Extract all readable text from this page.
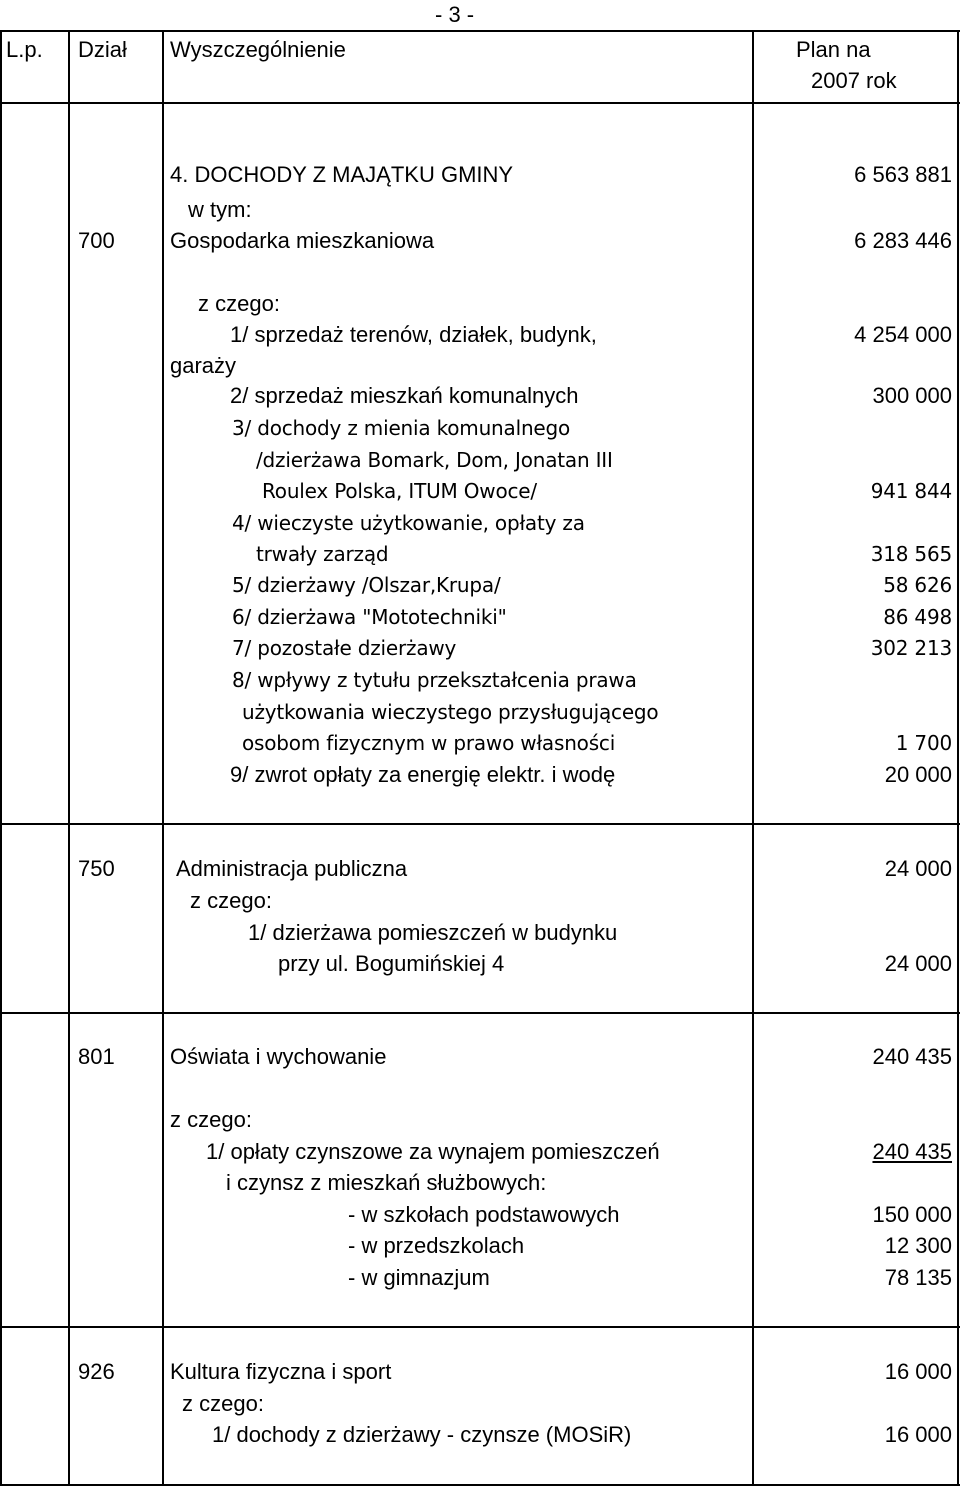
- 3 -
L.p. Dział Wyszczególnienie	Plan na
2007 rok
4. DOCHODY Z MAJĄTKU GMINY	6 563 881
w tym:
700	Gospodarka mieszkaniowa	6 283 446
z czego:
1/ sprzedaż terenów, działek, budynk,	4 254 000
garaży
2/ sprzedaż mieszkań komunalnych	300 000
3/ dochody z mienia komunalnego
/dzierżawa Bomark, Dom, Jonatan III
Roulex Polska, ITUM Owoce/	941 844
4/ wieczyste użytkowanie, opłaty za
trwały zarząd	318 565
5/ dzierżawy /Olszar,Krupa/	58 626
6/ dzierżawa "Mototechniki"	86 498
7/ pozostałe dzierżawy	302 213
8/ wpływy z tytułu przekształcenia prawa
użytkowania wieczystego przysługującego
osobom fizycznym w prawo własności	1 700
9/ zwrot opłaty za energię elektr. i wodę	20 000
750	Administracja publiczna	24 000
z czego:
1/ dzierżawa pomieszczeń w budynku
przy ul. Bogumińskiej 4	24 000
801	Oświata i wychowanie	240 435
z czego:
1/ opłaty czynszowe za wynajem pomieszczeń	240 435
i czynsz z mieszkań służbowych:
- w szkołach podstawowych	150 000
- w przedszkolach	12 300
- w gimnazjum	78 135
926	Kultura fizyczna i sport	16 000
z czego:
1/ dochody z dzierżawy - czynsze (MOSiR)	16 000
